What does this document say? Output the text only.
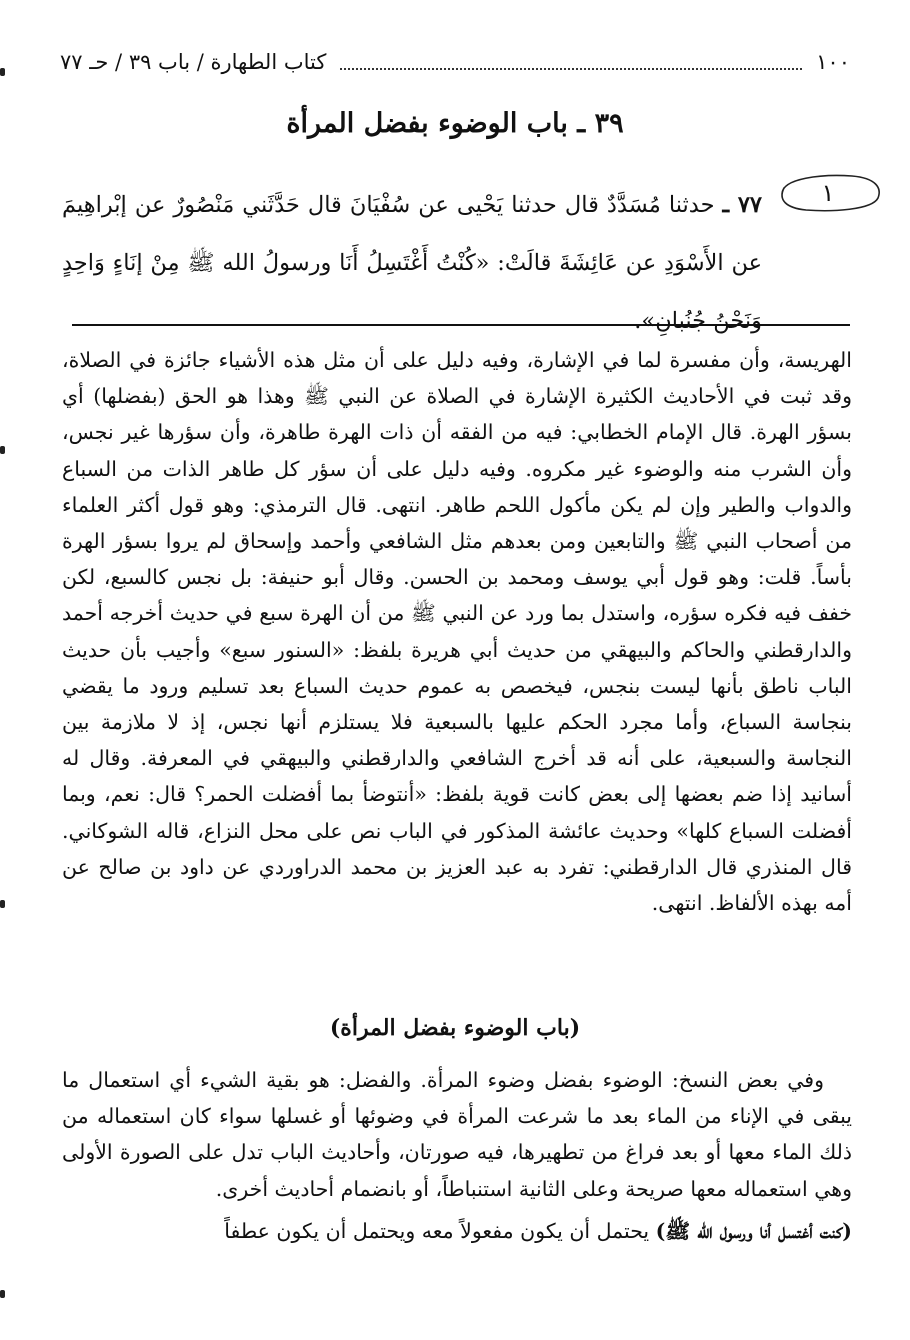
١٠٠
كتاب الطهارة / باب ٣٩ / حـ ٧٧
٣٩ ـ باب الوضوء بفضل المرأة
١
٧٧ ـ حدثنا مُسَدَّدٌ قال حدثنا يَحْيى عن سُفْيَانَ قال حَدَّثَني مَنْصُورٌ عن إبْراهِيمَ عن الأَسْوَدِ عن عَائِشَةَ قالَتْ: «كُنْتُ أَغْتَسِلُ أَنَا ورسولُ الله ﷺ مِنْ إنَاءٍ وَاحِدٍ وَنَحْنُ جُنُبانِ».

الهريسة، وأن مفسرة لما في الإشارة، وفيه دليل على أن مثل هذه الأشياء جائزة في الصلاة، وقد ثبت في الأحاديث الكثيرة الإشارة في الصلاة عن النبي ﷺ وهذا هو الحق (بفضلها) أي بسؤر الهرة. قال الإمام الخطابي: فيه من الفقه أن ذات الهرة طاهرة، وأن سؤرها غير نجس، وأن الشرب منه والوضوء غير مكروه. وفيه دليل على أن سؤر كل طاهر الذات من السباع والدواب والطير وإن لم يكن مأكول اللحم طاهر. انتهى. قال الترمذي: وهو قول أكثر العلماء من أصحاب النبي ﷺ والتابعين ومن بعدهم مثل الشافعي وأحمد وإسحاق لم يروا بسؤر الهرة بأساً. قلت: وهو قول أبي يوسف ومحمد بن الحسن. وقال أبو حنيفة: بل نجس كالسبع، لكن خفف فيه فكره سؤره، واستدل بما ورد عن النبي ﷺ من أن الهرة سبع في حديث أخرجه أحمد والدارقطني والحاكم والبيهقي من حديث أبي هريرة بلفظ: «السنور سبع» وأجيب بأن حديث الباب ناطق بأنها ليست بنجس، فيخصص به عموم حديث السباع بعد تسليم ورود ما يقضي بنجاسة السباع، وأما مجرد الحكم عليها بالسبعية فلا يستلزم أنها نجس، إذ لا ملازمة بين النجاسة والسبعية، على أنه قد أخرج الشافعي والدارقطني والبيهقي في المعرفة. وقال له أسانيد إذا ضم بعضها إلى بعض كانت قوية بلفظ: «أنتوضأ بما أفضلت الحمر؟ قال: نعم، وبما أفضلت السباع كلها» وحديث عائشة المذكور في الباب نص على محل النزاع، قاله الشوكاني. قال المنذري قال الدارقطني: تفرد به عبد العزيز بن محمد الدراوردي عن داود بن صالح عن أمه بهذه الألفاظ. انتهى.

(باب الوضوء بفضل المرأة)

وفي بعض النسخ: الوضوء بفضل وضوء المرأة. والفضل: هو بقية الشيء أي استعمال ما يبقى في الإناء من الماء بعد ما شرعت المرأة في وضوئها أو غسلها سواء كان استعماله من ذلك الماء معها أو بعد فراغ من تطهيرها، فيه صورتان، وأحاديث الباب تدل على الصورة الأولى وهي استعماله معها صريحة وعلى الثانية استنباطاً، أو بانضمام أحاديث أخرى.

(كنت أغتسل أنا ورسول الله ﷺ) يحتمل أن يكون مفعولاً معه ويحتمل أن يكون عطفاً
